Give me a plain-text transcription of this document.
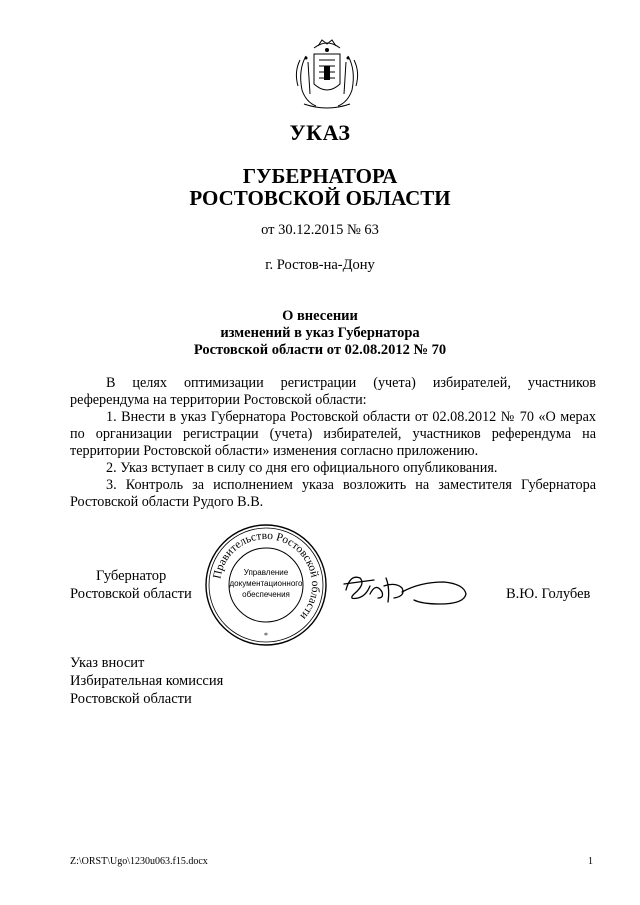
УКАЗ
ГУБЕРНАТОРА
РОСТОВСКОЙ ОБЛАСТИ
от 30.12.2015 № 63
г. Ростов-на-Дону
О внесении
изменений в указ Губернатора
Ростовской области от 02.08.2012 № 70

В целях оптимизации регистрации (учета) избирателей, участников референдума на территории Ростовской области:

1. Внести в указ Губернатора Ростовской области от 02.08.2012 № 70 «О мерах по организации регистрации (учета) избирателей, участников референдума на территории Ростовской области» изменения согласно приложению.

2. Указ вступает в силу со дня его официального опубликования.

3. Контроль за исполнением указа возложить на заместителя Губернатора Ростовской области Рудого В.В.

Губернатор
Ростовской области	В.Ю. Голубев
Правительство Ростовской области
Управление
документационного
обеспечения
*
Указ вносит
Избирательная комиссия
Ростовской области
Z:\ORST\Ugo\1230u063.f15.docx	1
